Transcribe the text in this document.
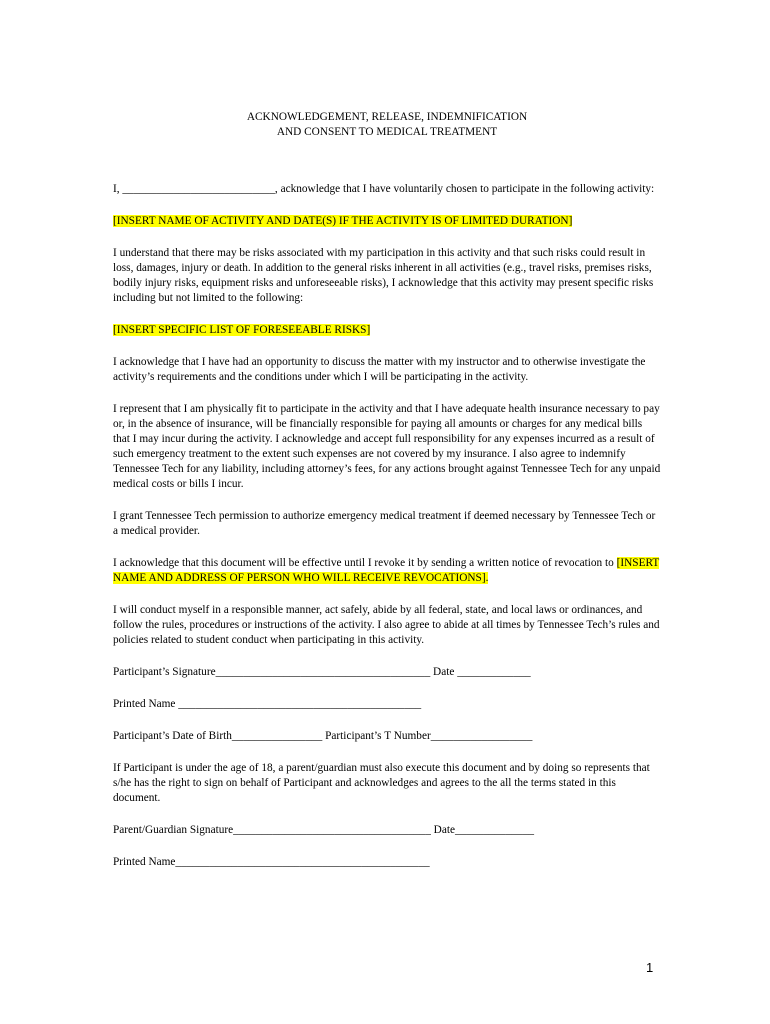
ACKNOWLEDGEMENT, RELEASE, INDEMNIFICATION

AND CONSENT TO MEDICAL TREATMENT

I, ___________________________, acknowledge that I have voluntarily chosen to participate in the following activity:

[INSERT NAME OF ACTIVITY AND DATE(S) IF THE ACTIVITY IS OF LIMITED DURATION]

I understand that there may be risks associated with my participation in this activity and that such risks could result in loss, damages, injury or death. In addition to the general risks inherent in all activities (e.g., travel risks, premises risks, bodily injury risks, equipment risks and unforeseeable risks), I acknowledge that this activity may present specific risks including but not limited to the following:

[INSERT SPECIFIC LIST OF FORESEEABLE RISKS]

I acknowledge that I have had an opportunity to discuss the matter with my instructor and to otherwise investigate the activity’s requirements and the conditions under which I will be participating in the activity.

I represent that I am physically fit to participate in the activity and that I have adequate health insurance necessary to pay or, in the absence of insurance, will be financially responsible for paying all amounts or charges for any medical bills that I may incur during the activity. I acknowledge and accept full responsibility for any expenses incurred as a result of such emergency treatment to the extent such expenses are not covered by my insurance. I also agree to indemnify Tennessee Tech for any liability, including attorney’s fees, for any actions brought against Tennessee Tech for any unpaid medical costs or bills I incur.

I grant Tennessee Tech permission to authorize emergency medical treatment if deemed necessary by Tennessee Tech or a medical provider.

I acknowledge that this document will be effective until I revoke it by sending a written notice of revocation to [INSERT NAME AND ADDRESS OF PERSON WHO WILL RECEIVE REVOCATIONS].

I will conduct myself in a responsible manner, act safely, abide by all federal, state, and local laws or ordinances, and follow the rules, procedures or instructions of the activity. I also agree to abide at all times by Tennessee Tech’s rules and policies related to student conduct when participating in this activity.

Participant’s Signature______________________________________ Date _____________

Printed Name ___________________________________________

Participant’s Date of Birth________________ Participant’s T Number__________________

If Participant is under the age of 18, a parent/guardian must also execute this document and by doing so represents that s/he has the right to sign on behalf of Participant and acknowledges and agrees to the all the terms stated in this document.

Parent/Guardian Signature___________________________________ Date______________

Printed Name_____________________________________________

1
